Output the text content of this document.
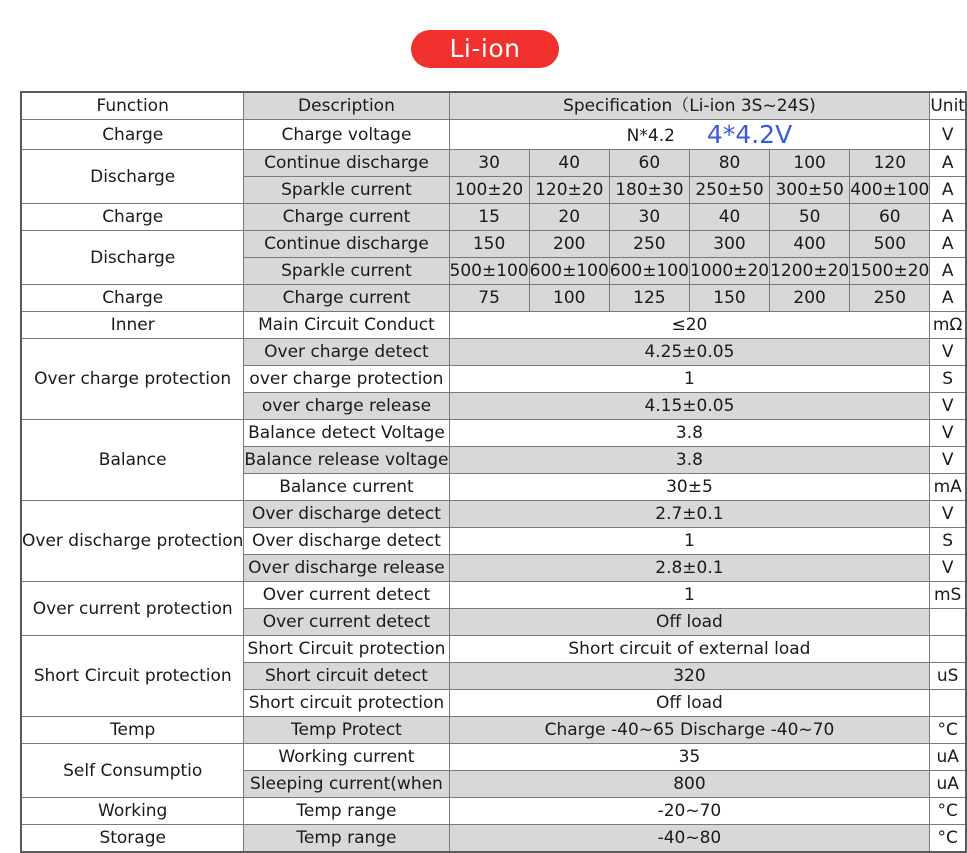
Li-ion
Function	Description	Specification（Li-ion 3S~24S)						Unit
Charge	Charge voltage	N*4.2 4*4.2V						V
Discharge	Continue discharge	30	40	60	80	100	120	A
	Sparkle current	100±20	120±20	180±30	250±50	300±50	400±100	A
Charge	Charge current	15	20	30	40	50	60	A
Discharge	Continue discharge	150	200	250	300	400	500	A
	Sparkle current	500±100	600±100	600±100	1000±20	1200±20	1500±20	A
Charge	Charge current	75	100	125	150	200	250	A
Inner	Main Circuit Conduct	≤20						mΩ
Over charge protection	Over charge detect	4.25±0.05						V
	over charge protection	1						S
	over charge release	4.15±0.05						V
Balance	Balance detect Voltage	3.8						V
	Balance release voltage	3.8						V
	Balance current	30±5						mA
Over discharge protection	Over discharge detect	2.7±0.1						V
	Over discharge detect	1						S
	Over discharge release	2.8±0.1						V
Over current protection	Over current detect	1						mS
	Over current detect	Off load						
Short Circuit protection	Short Circuit protection	Short circuit of external load						
	Short circuit detect	320						uS
	Short circuit protection	Off load						
Temp	Temp Protect	Charge -40~65 Discharge -40~70						°C
Self Consumptio	Working current	35						uA
	Sleeping current(when	800						uA
Working	Temp range	-20~70						°C
Storage	Temp range	-40~80						°C
